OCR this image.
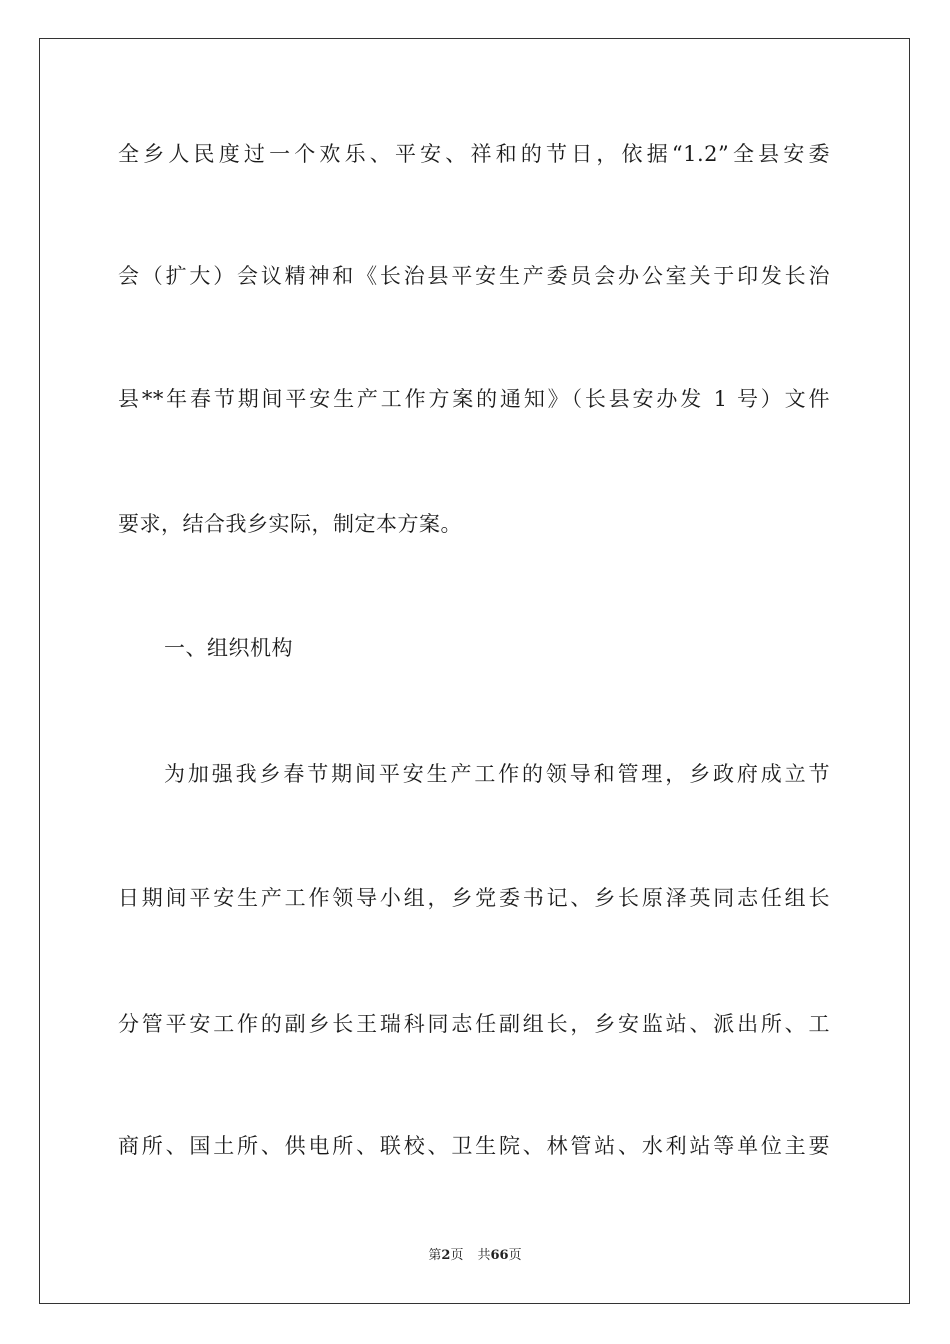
全乡人民度过一个欢乐、平安、祥和的节日，依据“1.2”全县安委
会（扩大）会议精神和《长治县平安生产委员会办公室关于印发长治
县**年春节期间平安生产工作方案的通知》（长县安办发 1 号）文件
要求，结合我乡实际，制定本方案。
一、组织机构
为加强我乡春节期间平安生产工作的领导和管理，乡政府成立节
日期间平安生产工作领导小组，乡党委书记、乡长原泽英同志任组长
分管平安工作的副乡长王瑞科同志任副组长，乡安监站、派出所、工
商所、国土所、供电所、联校、卫生院、林管站、水利站等单位主要
第2页 共66页
